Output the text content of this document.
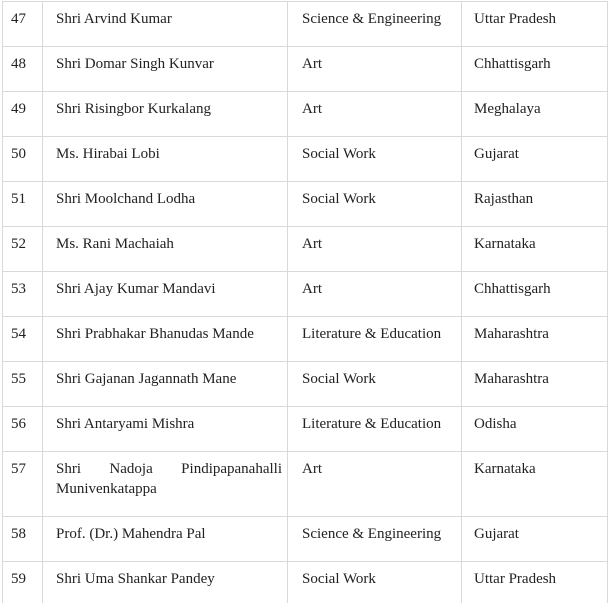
47	Shri Arvind Kumar	Science & Engineering	Uttar Pradesh
48	Shri Domar Singh Kunvar	Art	Chhattisgarh
49	Shri Risingbor Kurkalang	Art	Meghalaya
50	Ms. Hirabai Lobi	Social Work	Gujarat
51	Shri Moolchand Lodha	Social Work	Rajasthan
52	Ms. Rani Machaiah	Art	Karnataka
53	Shri Ajay Kumar Mandavi	Art	Chhattisgarh
54	Shri Prabhakar Bhanudas Mande	Literature & Education	Maharashtra
55	Shri Gajanan Jagannath Mane	Social Work	Maharashtra
56	Shri Antaryami Mishra	Literature & Education	Odisha
57	Shri Nadoja Pindipapanahalli Munivenkatappa	Art	Karnataka
58	Prof. (Dr.) Mahendra Pal	Science & Engineering	Gujarat
59	Shri Uma Shankar Pandey	Social Work	Uttar Pradesh
